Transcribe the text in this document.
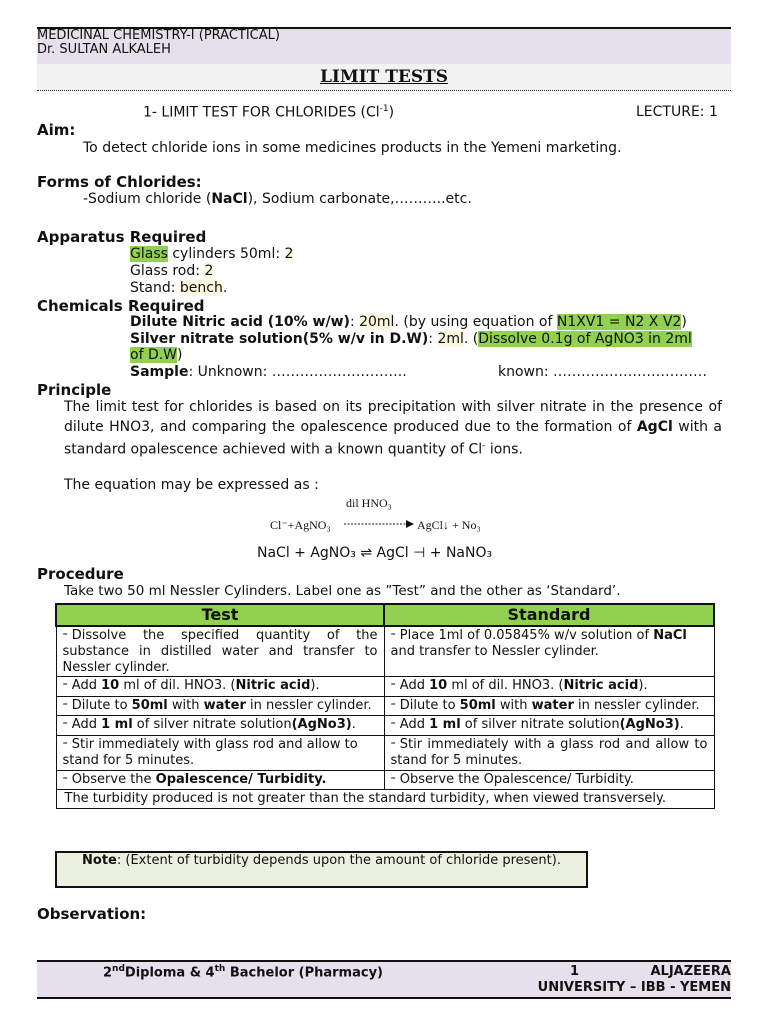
MEDICINAL CHEMISTRY-I (PRACTICAL)
Dr. SULTAN ALKALEH
LIMIT TESTS
1- LIMIT TEST FOR CHLORIDES $(Cl^{-1})$	LECTURE: 1
Aim:
To detect chloride ions in some medicines products in the Yemeni marketing.
Forms of Chlorides:
-Sodium chloride (NaCl), Sodium carbonate,………..etc.
Apparatus Required
Glass cylinders 50ml: 2
Glass rod: 2
Stand: bench.
Chemicals Required
Dilute Nitric acid (10% w/w): 20ml. (by using equation of N1XV1 = N2 X V2)
Silver nitrate solution(5% w/v in D.W): 2ml. (Dissolve 0.1g of AgNO3 in 2ml
of D.W)
Sample: Unknown: ………………………..	known: ……………………………
Principle
The limit test for chlorides is based on its precipitation with silver nitrate in the presence of dilute HNO3, and comparing the opalescence produced due to the formation of AgCl with a standard opalescence achieved with a known quantity of Cl- ions.
The equation may be expressed as :
dil HNO₃
Cl⁻+AgNO₃	AgCl↓ + No₃
NaCl + AgNO₃ ⇌ AgCl ⊣ + NaNO₃
Procedure
Take two 50 ml Nessler Cylinders. Label one as ”Test” and the other as ‘Standard’.
Test	Standard
⁼ Dissolve the specified quantity of the substance in distilled water and transfer to Nessler cylinder.	⁼ Place 1ml of 0.05845% w/v solution of NaCl and transfer to Nessler cylinder.
⁼ Add 10 ml of dil. HNO3. (Nitric acid).	⁼ Add 10 ml of dil. HNO3. (Nitric acid).
⁼ Dilute to 50ml with water in nessler cylinder.	⁼ Dilute to 50ml with water in nessler cylinder.
⁼ Add 1 ml of silver nitrate solution(AgNo3).	⁼ Add 1 ml of silver nitrate solution(AgNo3).
⁼ Stir immediately with glass rod and allow to stand for 5 minutes.	⁼ Stir immediately with a glass rod and allow to stand for 5 minutes.
⁼ Observe the Opalescence/ Turbidity.	⁼ Observe the Opalescence/ Turbidity.
The turbidity produced is not greater than the standard turbidity, when viewed transversely.	
Note: (Extent of turbidity depends upon the amount of chloride present).
Observation:
2ndDiploma & 4th Bachelor (Pharmacy)	1	ALJAZEERA
UNIVERSITY – IBB - YEMEN
